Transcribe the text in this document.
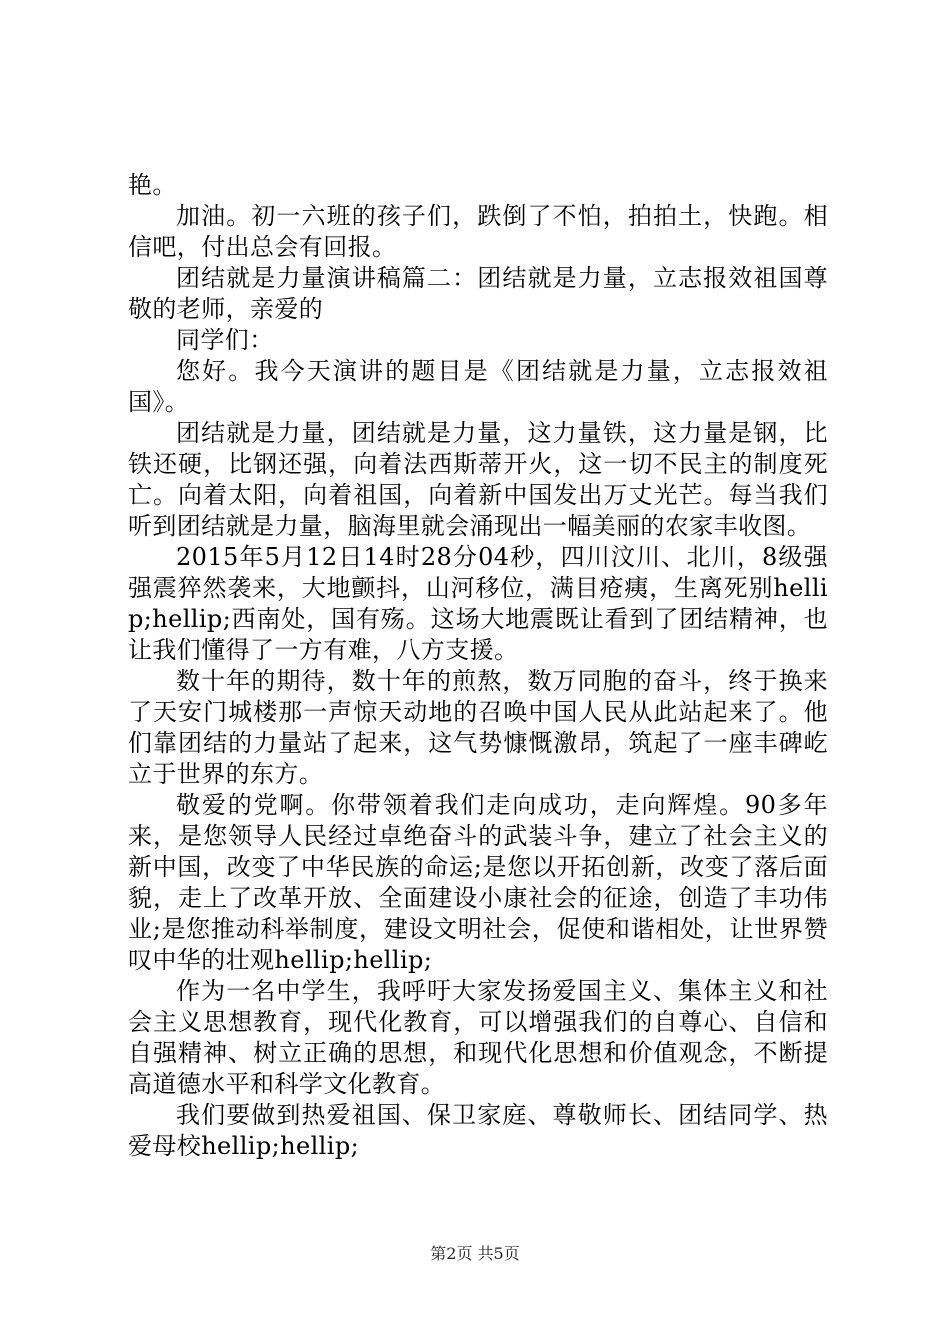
艳。

加油。初一六班的孩子们，跌倒了不怕，拍拍土，快跑。相信吧，付出总会有回报。

团结就是力量演讲稿篇二：团结就是力量，立志报效祖国尊敬的老师，亲爱的

同学们：

您好。我今天演讲的题目是《团结就是力量，立志报效祖国》。

团结就是力量，团结就是力量，这力量铁，这力量是钢，比铁还硬，比钢还强，向着法西斯蒂开火，这一切不民主的制度死亡。向着太阳，向着祖国，向着新中国发出万丈光芒。每当我们听到团结就是力量，脑海里就会涌现出一幅美丽的农家丰收图。

2015年5月12日14时28分04秒，四川汶川、北川，8级强强震猝然袭来，大地颤抖，山河移位，满目疮痍，生离死别hellip;hellip;西南处，国有殇。这场大地震既让看到了团结精神，也让我们懂得了一方有难，八方支援。

数十年的期待，数十年的煎熬，数万同胞的奋斗，终于换来了天安门城楼那一声惊天动地的召唤中国人民从此站起来了。他们靠团结的力量站了起来，这气势慷慨激昂，筑起了一座丰碑屹立于世界的东方。

敬爱的党啊。你带领着我们走向成功，走向辉煌。90多年来，是您领导人民经过卓绝奋斗的武装斗争，建立了社会主义的新中国，改变了中华民族的命运;是您以开拓创新，改变了落后面貌，走上了改革开放、全面建设小康社会的征途，创造了丰功伟业;是您推动科举制度，建设文明社会，促使和谐相处，让世界赞叹中华的壮观hellip;hellip;

作为一名中学生，我呼吁大家发扬爱国主义、集体主义和社会主义思想教育，现代化教育，可以增强我们的自尊心、自信和自强精神、树立正确的思想，和现代化思想和价值观念，不断提高道德水平和科学文化教育。

我们要做到热爱祖国、保卫家庭、尊敬师长、团结同学、热爱母校hellip;hellip;

第2页 共5页
